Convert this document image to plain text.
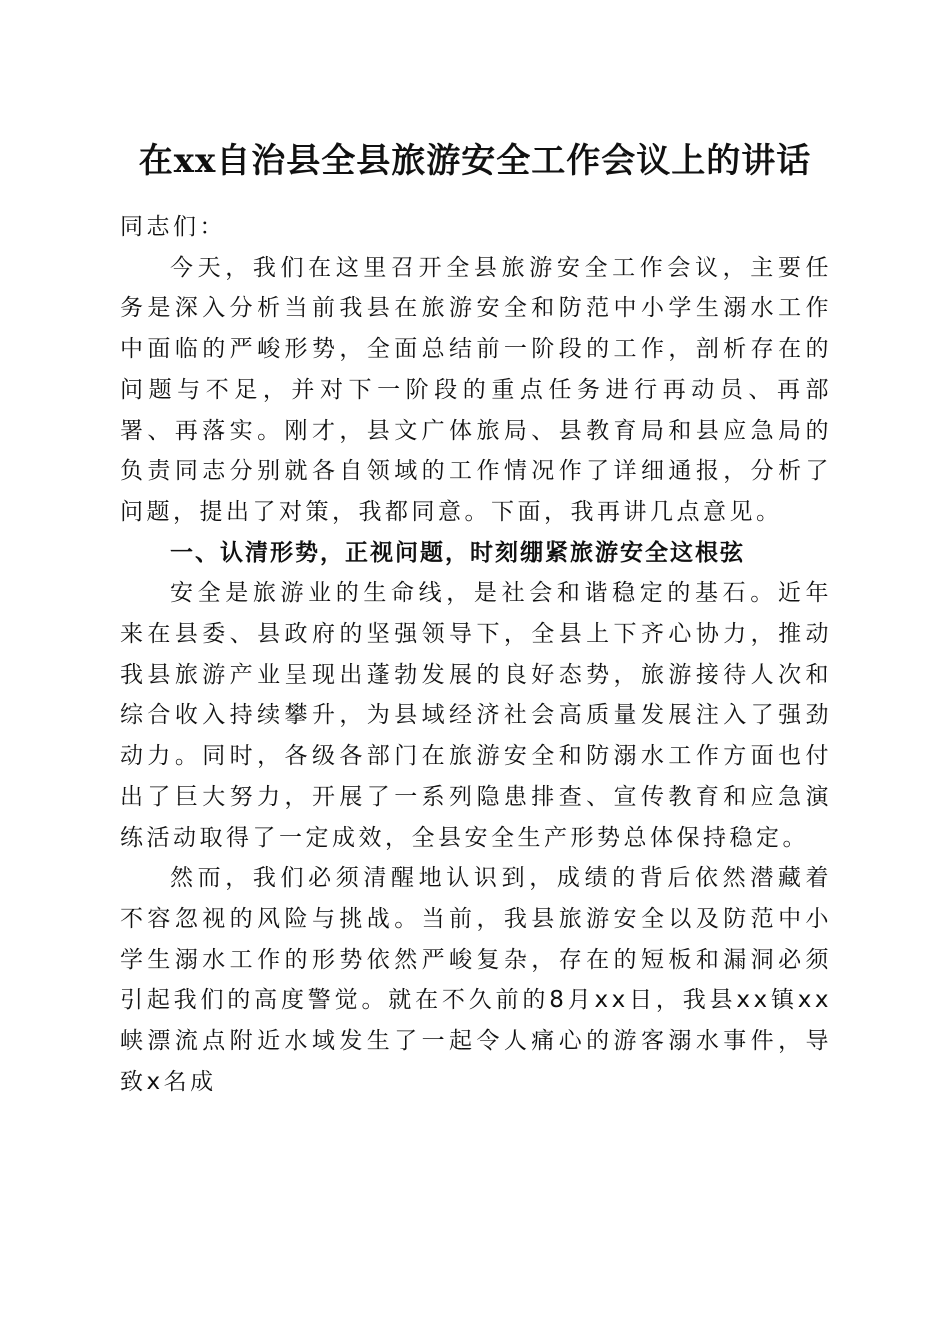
在xx自治县全县旅游安全工作会议上的讲话

同志们：

今天，我们在这里召开全县旅游安全工作会议，主要任务是深入分析当前我县在旅游安全和防范中小学生溺水工作中面临的严峻形势，全面总结前一阶段的工作，剖析存在的问题与不足，并对下一阶段的重点任务进行再动员、再部署、再落实。刚才，县文广体旅局、县教育局和县应急局的负责同志分别就各自领域的工作情况作了详细通报，分析了问题，提出了对策，我都同意。下面，我再讲几点意见。

一、认清形势，正视问题，时刻绷紧旅游安全这根弦

安全是旅游业的生命线，是社会和谐稳定的基石。近年来在县委、县政府的坚强领导下，全县上下齐心协力，推动我县旅游产业呈现出蓬勃发展的良好态势，旅游接待人次和综合收入持续攀升，为县域经济社会高质量发展注入了强劲动力。同时，各级各部门在旅游安全和防溺水工作方面也付出了巨大努力，开展了一系列隐患排查、宣传教育和应急演练活动取得了一定成效，全县安全生产形势总体保持稳定。

然而，我们必须清醒地认识到，成绩的背后依然潜藏着不容忽视的风险与挑战。当前，我县旅游安全以及防范中小学生溺水工作的形势依然严峻复杂，存在的短板和漏洞必须引起我们的高度警觉。就在不久前的8月xx日，我县xx镇xx峡漂流点附近水域发生了一起令人痛心的游客溺水事件，导致x名成
